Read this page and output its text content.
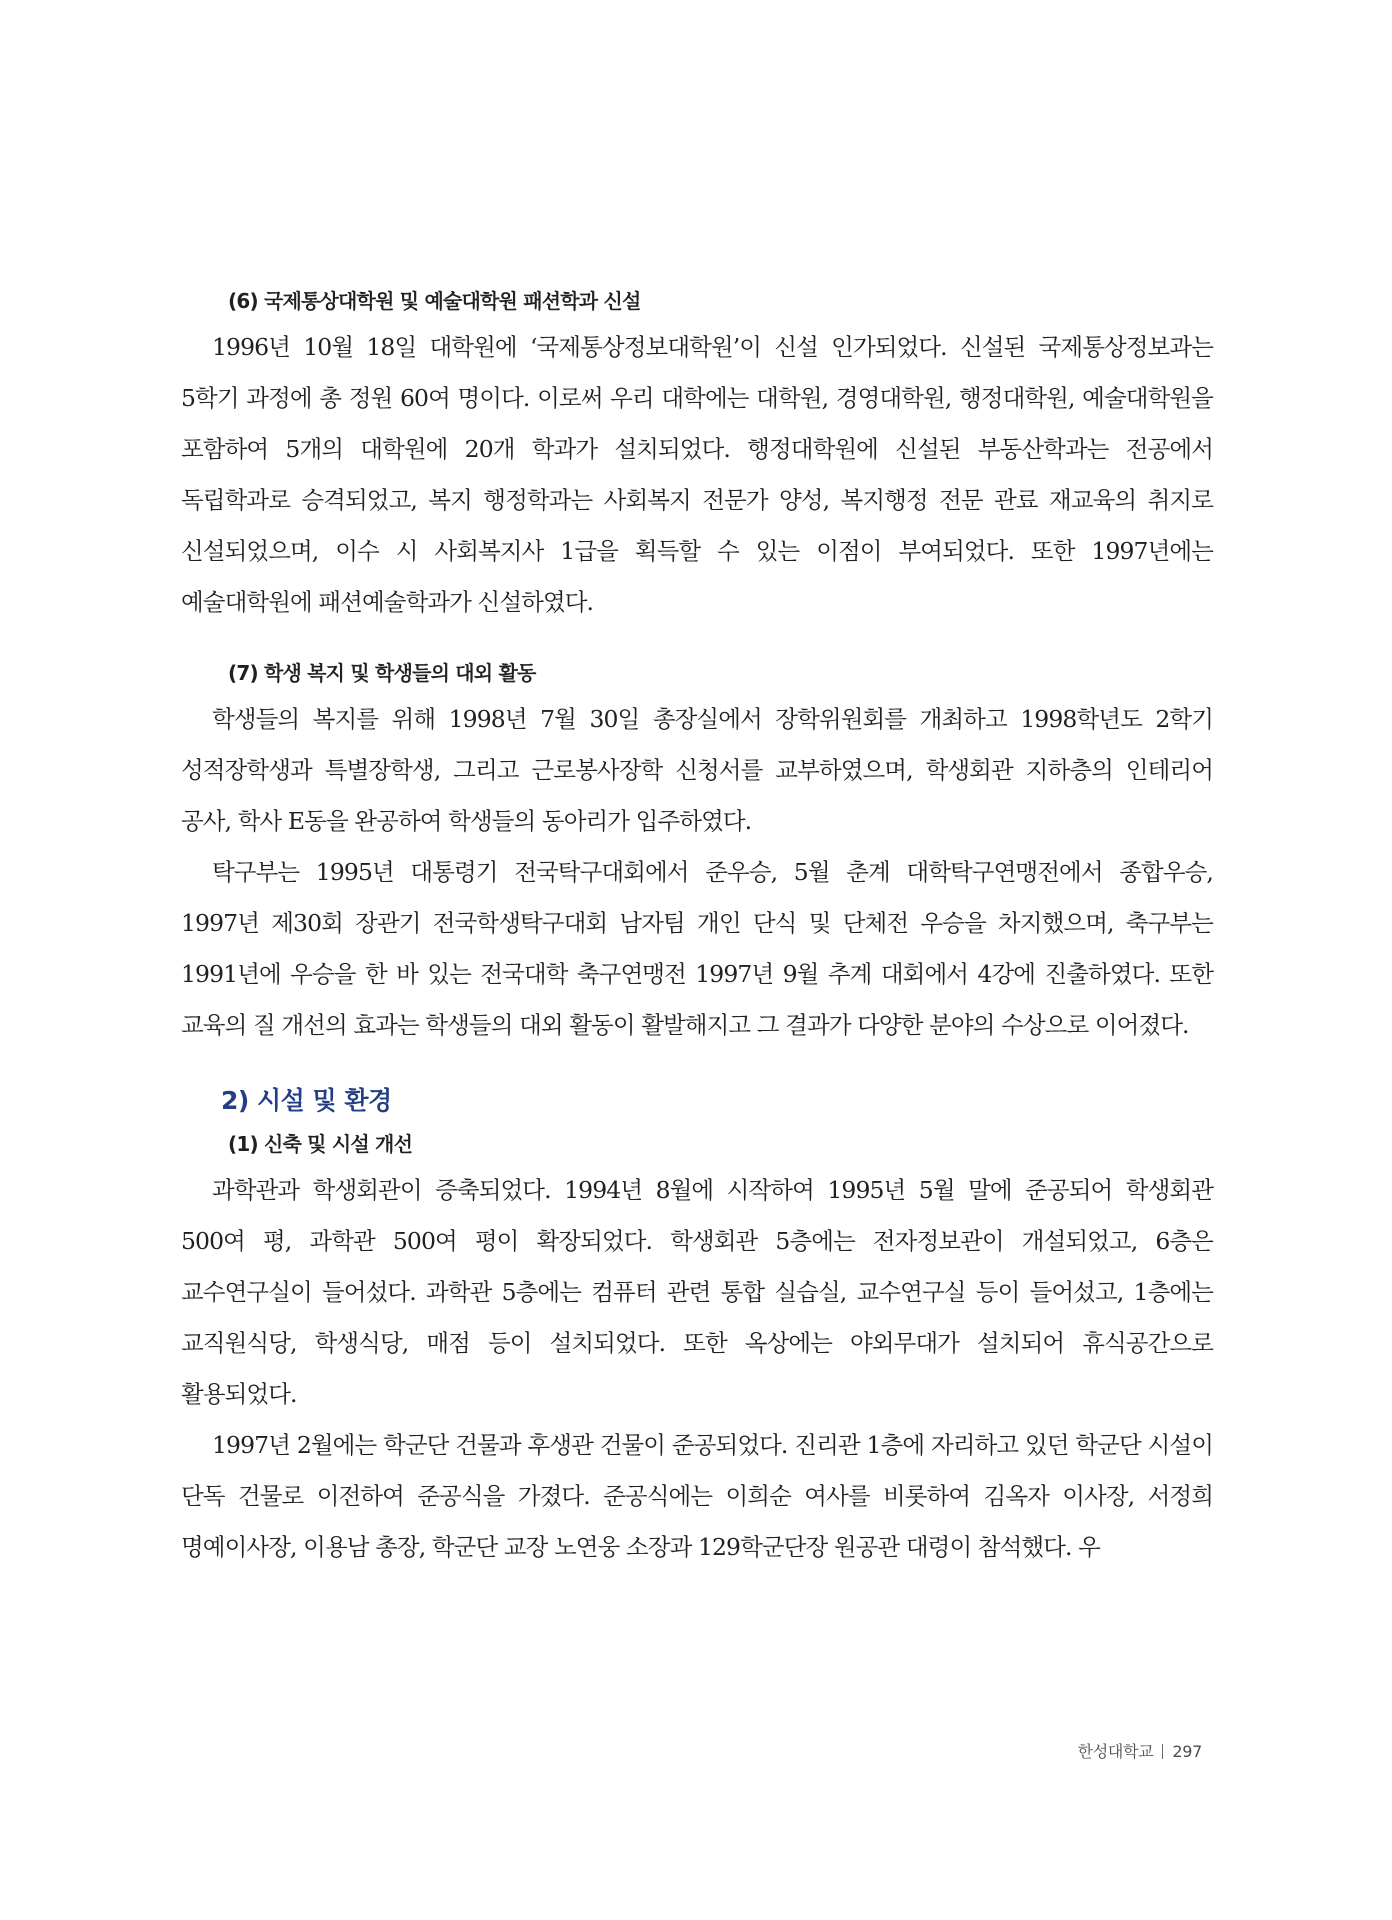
(6) 국제통상대학원 및 예술대학원 패션학과 신설

1996년 10월 18일 대학원에 ‘국제통상정보대학원’이 신설 인가되었다. 신설된 국제통상정보과는 5학기 과정에 총 정원 60여 명이다. 이로써 우리 대학에는 대학원, 경영대학원, 행정대학원, 예술대학원을 포함하여 5개의 대학원에 20개 학과가 설치되었다. 행정대학원에 신설된 부동산학과는 전공에서 독립학과로 승격되었고, 복지 행정학과는 사회복지 전문가 양성, 복지행정 전문 관료 재교육의 취지로 신설되었으며, 이수 시 사회복지사 1급을 획득할 수 있는 이점이 부여되었다. 또한 1997년에는 예술대학원에 패션예술학과가 신설하였다.

(7) 학생 복지 및 학생들의 대외 활동

학생들의 복지를 위해 1998년 7월 30일 총장실에서 장학위원회를 개최하고 1998학년도 2학기 성적장학생과 특별장학생, 그리고 근로봉사장학 신청서를 교부하였으며, 학생회관 지하층의 인테리어 공사, 학사 E동을 완공하여 학생들의 동아리가 입주하였다.

탁구부는 1995년 대통령기 전국탁구대회에서 준우승, 5월 춘계 대학탁구연맹전에서 종합우승, 1997년 제30회 장관기 전국학생탁구대회 남자팀 개인 단식 및 단체전 우승을 차지했으며, 축구부는 1991년에 우승을 한 바 있는 전국대학 축구연맹전 1997년 9월 추계 대회에서 4강에 진출하였다. 또한 교육의 질 개선의 효과는 학생들의 대외 활동이 활발해지고 그 결과가 다양한 분야의 수상으로 이어졌다.

2) 시설 및 환경
(1) 신축 및 시설 개선

과학관과 학생회관이 증축되었다. 1994년 8월에 시작하여 1995년 5월 말에 준공되어 학생회관 500여 평, 과학관 500여 평이 확장되었다. 학생회관 5층에는 전자정보관이 개설되었고, 6층은 교수연구실이 들어섰다. 과학관 5층에는 컴퓨터 관련 통합 실습실, 교수연구실 등이 들어섰고, 1층에는 교직원식당, 학생식당, 매점 등이 설치되었다. 또한 옥상에는 야외무대가 설치되어 휴식공간으로 활용되었다.

1997년 2월에는 학군단 건물과 후생관 건물이 준공되었다. 진리관 1층에 자리하고 있던 학군단 시설이 단독 건물로 이전하여 준공식을 가졌다. 준공식에는 이희순 여사를 비롯하여 김옥자 이사장, 서정희 명예이사장, 이용남 총장, 학군단 교장 노연웅 소장과 129학군단장 원공관 대령이 참석했다. 우

한성대학교 297
